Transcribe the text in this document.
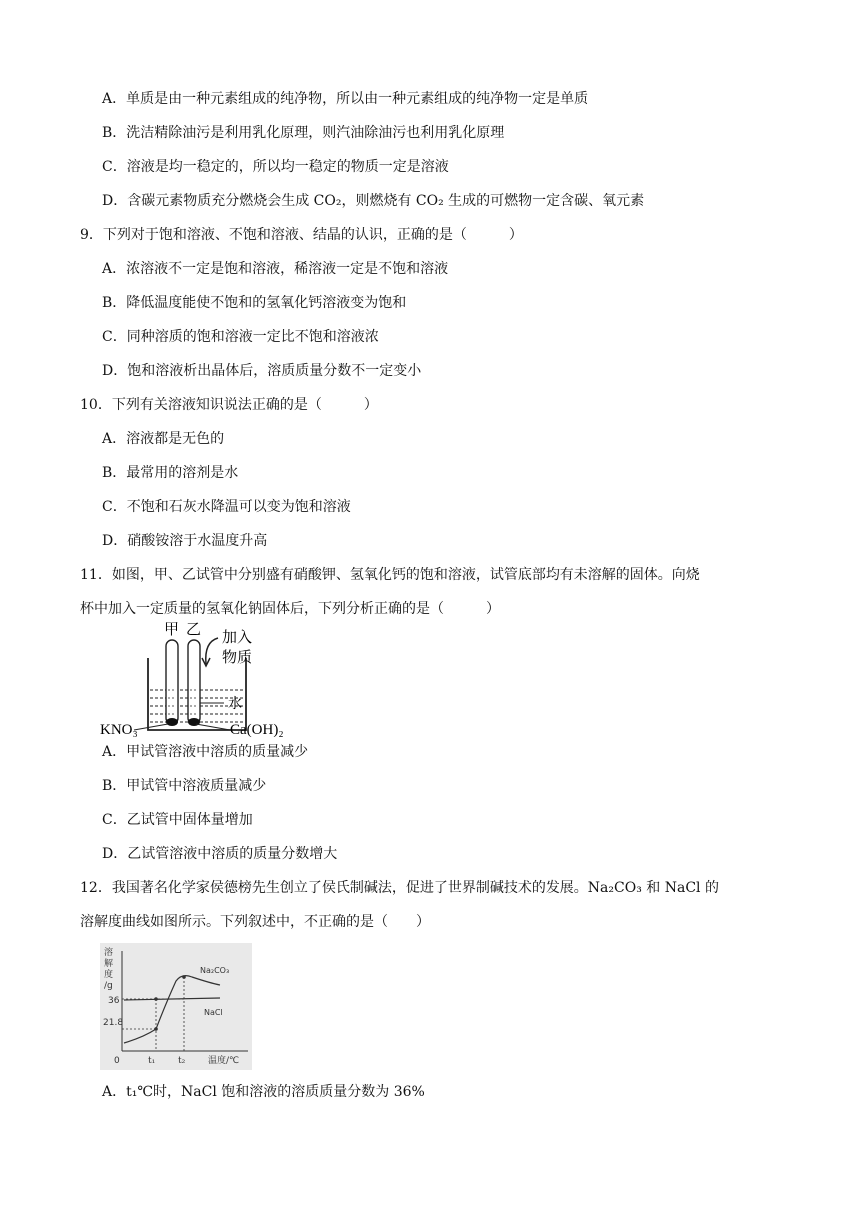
A．单质是由一种元素组成的纯净物，所以由一种元素组成的纯净物一定是单质
B．洗洁精除油污是利用乳化原理，则汽油除油污也利用乳化原理
C．溶液是均一稳定的，所以均一稳定的物质一定是溶液
D．含碳元素物质充分燃烧会生成 CO₂，则燃烧有 CO₂ 生成的可燃物一定含碳、氧元素
9．下列对于饱和溶液、不饱和溶液、结晶的认识，正确的是（　　　）
A．浓溶液不一定是饱和溶液，稀溶液一定是不饱和溶液
B．降低温度能使不饱和的氢氧化钙溶液变为饱和
C．同种溶质的饱和溶液一定比不饱和溶液浓
D．饱和溶液析出晶体后，溶质质量分数不一定变小
10．下列有关溶液知识说法正确的是（　　　）
A．溶液都是无色的
B．最常用的溶剂是水
C．不饱和石灰水降温可以变为饱和溶液
D．硝酸铵溶于水温度升高
11．如图，甲、乙试管中分别盛有硝酸钾、氢氧化钙的饱和溶液，试管底部均有未溶解的固体。向烧
杯中加入一定质量的氢氧化钠固体后，下列分析正确的是（　　　）
甲 乙 加入
物质
水
KNO₃	Ca(OH)₂
A．甲试管溶液中溶质的质量减少
B．甲试管中溶液质量减少
C．乙试管中固体量增加
D．乙试管溶液中溶质的质量分数增大
12．我国著名化学家侯德榜先生创立了侯氏制碱法，促进了世界制碱技术的发展。Na₂CO₃ 和 NaCl 的
溶解度曲线如图所示。下列叙述中，不正确的是（　　）
溶
解
度
/g
温度/℃
0	t₁	t₂
21.8
36
Na₂CO₃
NaCl
A．t₁℃时，NaCl 饱和溶液的溶质质量分数为 36%
